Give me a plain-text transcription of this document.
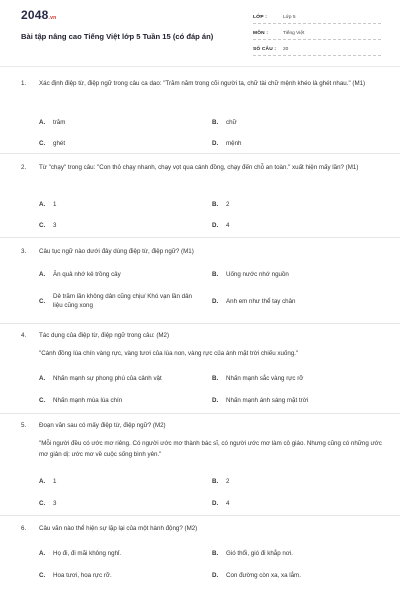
2048.vn
Bài tập nâng cao Tiếng Việt lớp 5 Tuần 15 (có đáp án)
LỚP :	Lớp 5
MÔN :	Tiếng Việt
SỐ CÂU : 20
1. Xác định điệp từ, điệp ngữ trong câu ca dao: "Trăm năm trong cõi người ta, chữ tài chữ mệnh khéo là ghét nhau." (M1)
A. trăm	B. chữ
C. ghét	D. mệnh
2. Từ "chạy" trong câu: "Con thỏ chạy nhanh, chạy vọt qua cánh đồng, chạy đến chỗ an toàn." xuất hiện mấy lần? (M1)
A. 1	B. 2
C. 3	D. 4
3. Câu tục ngữ nào dưới đây dùng điệp từ, điệp ngữ? (M1)
A. Ăn quả nhớ kẻ trồng cây	B. Uống nước nhớ nguồn
C.
Dẻ trăm lần không dân cũng chịu/ Khó vạn lần dân liệu cũng xong
D. Anh em như thể tay chân
4. Tác dụng của điệp từ, điệp ngữ trong câu: (M2)
"Cánh đồng lúa chín vàng rực, vàng tươi của lúa non, vàng rực của ánh mặt trời chiếu xuống."
A. Nhấn mạnh sự phong phú của cảnh vật	B. Nhấn mạnh sắc vàng rực rỡ
C. Nhấn mạnh mùa lúa chín	D. Nhấn mạnh ánh sáng mặt trời
5. Đoạn văn sau có mấy điệp từ, điệp ngữ? (M2)
"Mỗi người đều có ước mơ riêng. Có người ước mơ thành bác sĩ, có người ước mơ làm cô giáo. Nhưng cũng có những ước mơ giản dị: ước mơ về cuộc sống bình yên."
A. 1	B. 2
C. 3	D. 4
6. Câu văn nào thể hiện sự lặp lại của một hành động? (M2)
A. Họ đi, đi mãi không nghỉ.	B. Gió thổi, gió đi khắp nơi.
C. Hoa tươi, hoa rực rỡ.	D. Con đường còn xa, xa lắm.
